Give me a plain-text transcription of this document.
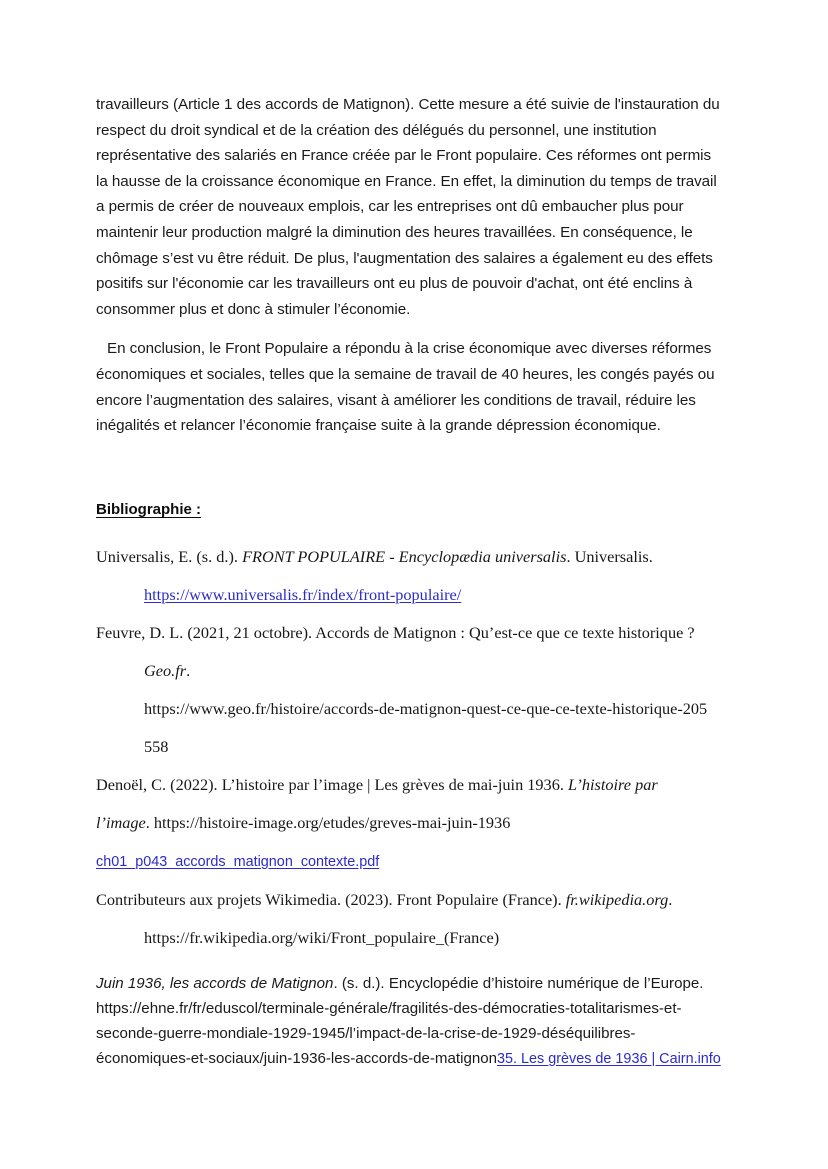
travailleurs (Article 1 des accords de Matignon). Cette mesure a été suivie de l'instauration du respect du droit syndical et de la création des délégués du personnel, une institution représentative des salariés en France créée par le Front populaire. Ces réformes ont permis la hausse de la croissance économique en France. En effet, la diminution du temps de travail a permis de créer de nouveaux emplois, car les entreprises ont dû embaucher plus pour maintenir leur production malgré la diminution des heures travaillées. En conséquence, le chômage s’est vu être réduit. De plus, l'augmentation des salaires a également eu des effets positifs sur l'économie car les travailleurs ont eu plus de pouvoir d'achat, ont été enclins à consommer plus et donc à stimuler l’économie.

En conclusion, le Front Populaire a répondu à la crise économique avec diverses réformes économiques et sociales, telles que la semaine de travail de 40 heures, les congés payés ou encore l’augmentation des salaires, visant à améliorer les conditions de travail, réduire les inégalités et relancer l’économie française suite à la grande dépression économique.

Bibliographie :
Universalis, E. (s. d.). FRONT POPULAIRE - Encyclopædia universalis. Universalis.
https://www.universalis.fr/index/front-populaire/
Feuvre, D. L. (2021, 21 octobre). Accords de Matignon : Qu’est-ce que ce texte historique ?
Geo.fr.
https://www.geo.fr/histoire/accords-de-matignon-quest-ce-que-ce-texte-historique-205
558
Denoël, C. (2022). L’histoire par l’image | Les grèves de mai-juin 1936. L’histoire par
l’image. https://histoire-image.org/etudes/greves-mai-juin-1936
ch01_p043_accords_matignon_contexte.pdf
Contributeurs aux projets Wikimedia. (2023). Front Populaire (France). fr.wikipedia.org.
https://fr.wikipedia.org/wiki/Front_populaire_(France)

Juin 1936, les accords de Matignon. (s. d.). Encyclopédie d’histoire numérique de l’Europe. https://ehne.fr/fr/eduscol/terminale-générale/fragilités-des-démocraties-totalitarismes-et-seconde-guerre-mondiale-1929-1945/l’impact-de-la-crise-de-1929-déséquilibres-économiques-et-sociaux/juin-1936-les-accords-de-matignon35. Les grèves de 1936 | Cairn.info
